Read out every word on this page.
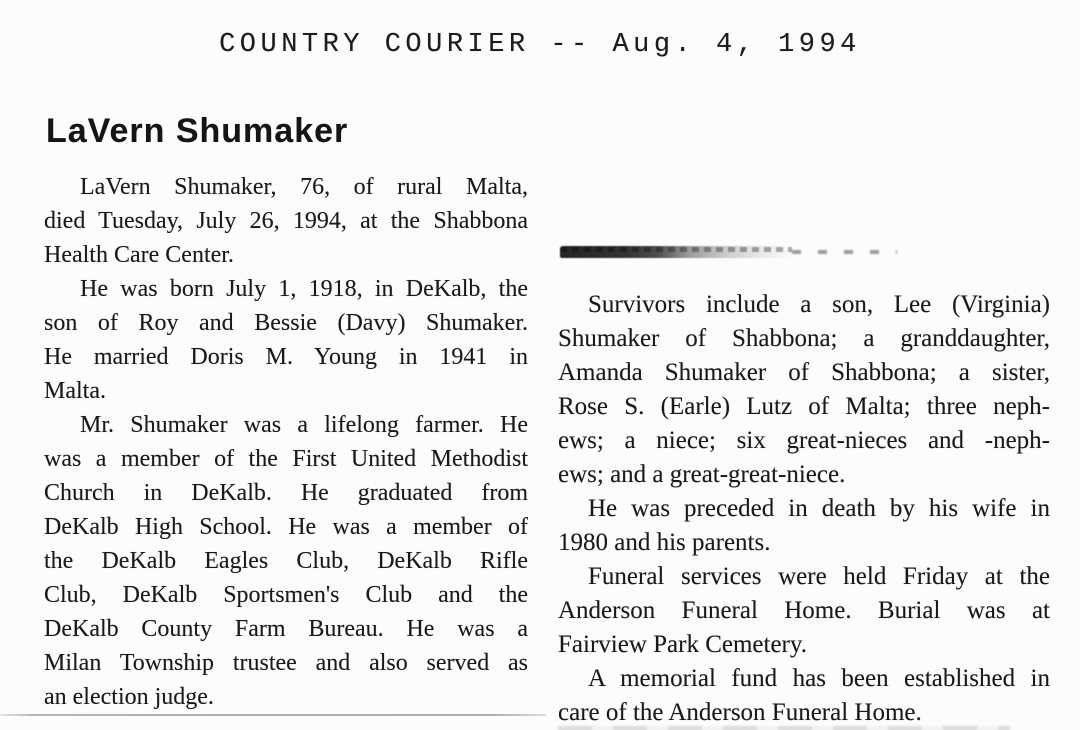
COUNTRY COURIER -- Aug. 4, 1994
LaVern Shumaker

LaVern Shumaker, 76, of rural Malta,
died Tuesday, July 26, 1994, at the Shabbona
Health Care Center.

He was born July 1, 1918, in DeKalb, the
son of Roy and Bessie (Davy) Shumaker.
He married Doris M. Young in 1941 in
Malta.

Mr. Shumaker was a lifelong farmer. He
was a member of the First United Methodist
Church in DeKalb. He graduated from
DeKalb High School. He was a member of
the DeKalb Eagles Club, DeKalb Rifle
Club, DeKalb Sportsmen's Club and the
DeKalb County Farm Bureau. He was a
Milan Township trustee and also served as
an election judge.

Survivors include a son, Lee (Virginia)
Shumaker of Shabbona; a granddaughter,
Amanda Shumaker of Shabbona; a sister,
Rose S. (Earle) Lutz of Malta; three neph-
ews; a niece; six great-nieces and -neph-
ews; and a great-great-niece.

He was preceded in death by his wife in
1980 and his parents.

Funeral services were held Friday at the
Anderson Funeral Home. Burial was at
Fairview Park Cemetery.

A memorial fund has been established in
care of the Anderson Funeral Home.
